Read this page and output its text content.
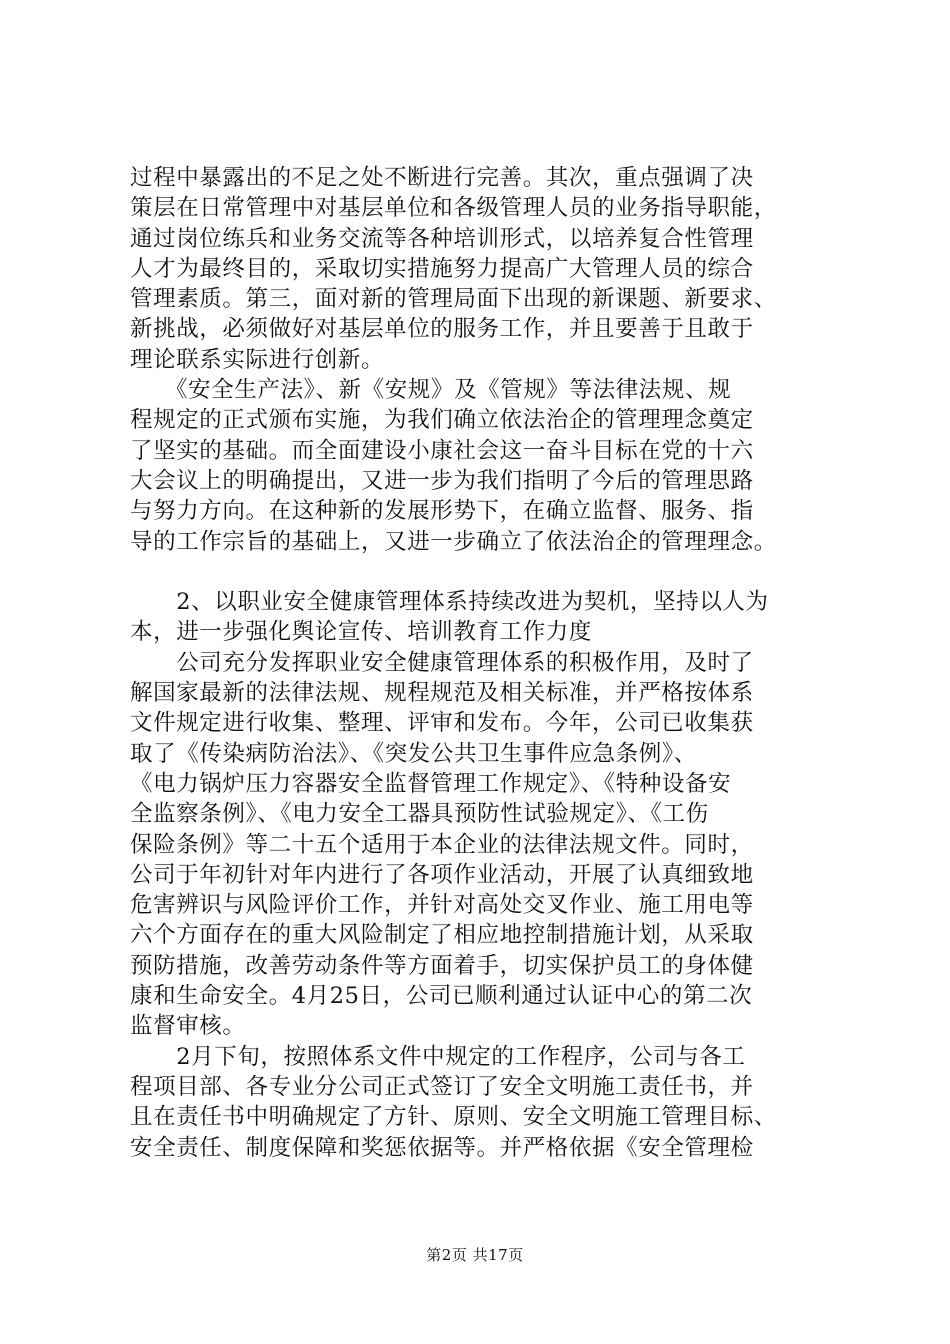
过程中暴露出的不足之处不断进行完善。其次，重点强调了决
策层在日常管理中对基层单位和各级管理人员的业务指导职能，
通过岗位练兵和业务交流等各种培训形式，以培养复合性管理
人才为最终目的，采取切实措施努力提高广大管理人员的综合
管理素质。第三，面对新的管理局面下出现的新课题、新要求、
新挑战，必须做好对基层单位的服务工作，并且要善于且敢于
理论联系实际进行创新。
　　《安全生产法》、新《安规》及《管规》等法律法规、规
程规定的正式颁布实施，为我们确立依法治企的管理理念奠定
了坚实的基础。而全面建设小康社会这一奋斗目标在党的十六
大会议上的明确提出，又进一步为我们指明了今后的管理思路
与努力方向。在这种新的发展形势下，在确立监督、服务、指
导的工作宗旨的基础上，又进一步确立了依法治企的管理理念。
　　2、以职业安全健康管理体系持续改进为契机，坚持以人为
本，进一步强化舆论宣传、培训教育工作力度
　　公司充分发挥职业安全健康管理体系的积极作用，及时了
解国家最新的法律法规、规程规范及相关标准，并严格按体系
文件规定进行收集、整理、评审和发布。今年，公司已收集获
取了《传染病防治法》、《突发公共卫生事件应急条例》、
《电力锅炉压力容器安全监督管理工作规定》、《特种设备安
全监察条例》、《电力安全工器具预防性试验规定》、《工伤
保险条例》等二十五个适用于本企业的法律法规文件。同时，
公司于年初针对年内进行了各项作业活动，开展了认真细致地
危害辨识与风险评价工作，并针对高处交叉作业、施工用电等
六个方面存在的重大风险制定了相应地控制措施计划，从采取
预防措施，改善劳动条件等方面着手，切实保护员工的身体健
康和生命安全。4月25日，公司已顺利通过认证中心的第二次
监督审核。
　　2月下旬，按照体系文件中规定的工作程序，公司与各工
程项目部、各专业分公司正式签订了安全文明施工责任书，并
且在责任书中明确规定了方针、原则、安全文明施工管理目标、
安全责任、制度保障和奖惩依据等。并严格依据《安全管理检
第2页 共17页
